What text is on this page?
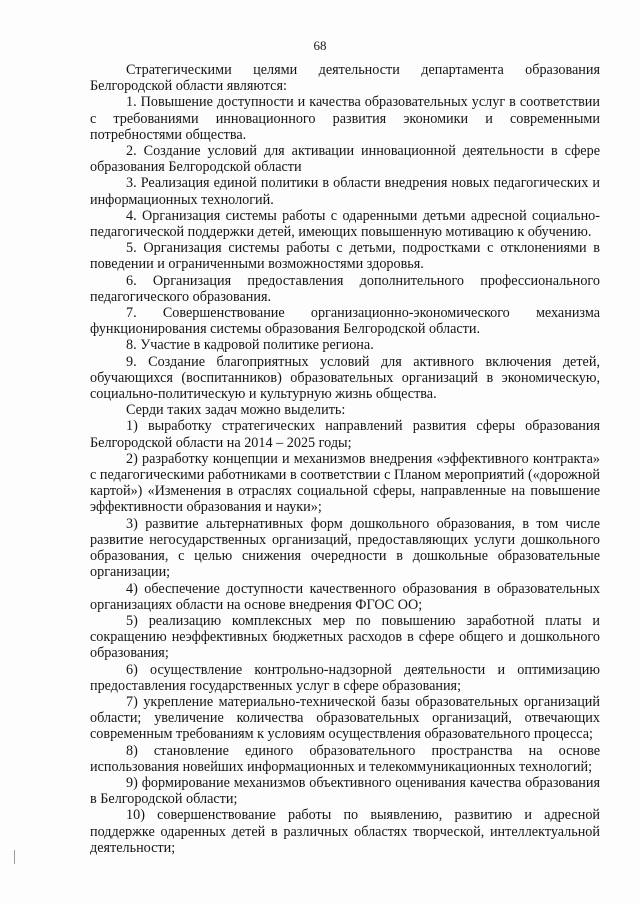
68

Стратегическими целями деятельности департамента образования Белгородской области являются:

1. Повышение доступности и качества образовательных услуг в соответствии с требованиями инновационного развития экономики и современными потребностями общества.

2. Создание условий для активации инновационной деятельности в сфере образования Белгородской области

3. Реализация единой политики в области внедрения новых педагогических и информационных технологий.

4. Организация системы работы с одаренными детьми адресной социально-педагогической поддержки детей, имеющих повышенную мотивацию к обучению.

5. Организация системы работы с детьми, подростками с отклонениями в поведении и ограниченными возможностями здоровья.

6. Организация предоставления дополнительного профессионального педагогического образования.

7. Совершенствование организационно-экономического механизма функционирования системы образования Белгородской области.

8. Участие в кадровой политике региона.

9. Создание благоприятных условий для активного включения детей, обучающихся (воспитанников) образовательных организаций в экономическую, социально-политическую и культурную жизнь общества.

Серди таких задач можно выделить:

1) выработку стратегических направлений развития сферы образования Белгородской области на 2014 – 2025 годы;

2) разработку концепции и механизмов внедрения «эффективного контракта» с педагогическими работниками в соответствии с Планом мероприятий («дорожной картой») «Изменения в отраслях социальной сферы, направленные на повышение эффективности образования и науки»;

3) развитие альтернативных форм дошкольного образования, в том числе развитие негосударственных организаций, предоставляющих услуги дошкольного образования, с целью снижения очередности в дошкольные образовательные организации;

4) обеспечение доступности качественного образования в образовательных организациях области на основе внедрения ФГОС ОО;

5) реализацию комплексных мер по повышению заработной платы и сокращению неэффективных бюджетных расходов в сфере общего и дошкольного образования;

6) осуществление контрольно-надзорной деятельности и оптимизацию предоставления государственных услуг в сфере образования;

7) укрепление материально-технической базы образовательных организаций области; увеличение количества образовательных организаций, отвечающих современным требованиям к условиям осуществления образовательного процесса;

8) становление единого образовательного пространства на основе использования новейших информационных и телекоммуникационных технологий;

9) формирование механизмов объективного оценивания качества образования в Белгородской области;

10) совершенствование работы по выявлению, развитию и адресной поддержке одаренных детей в различных областях творческой, интеллектуальной деятельности;
